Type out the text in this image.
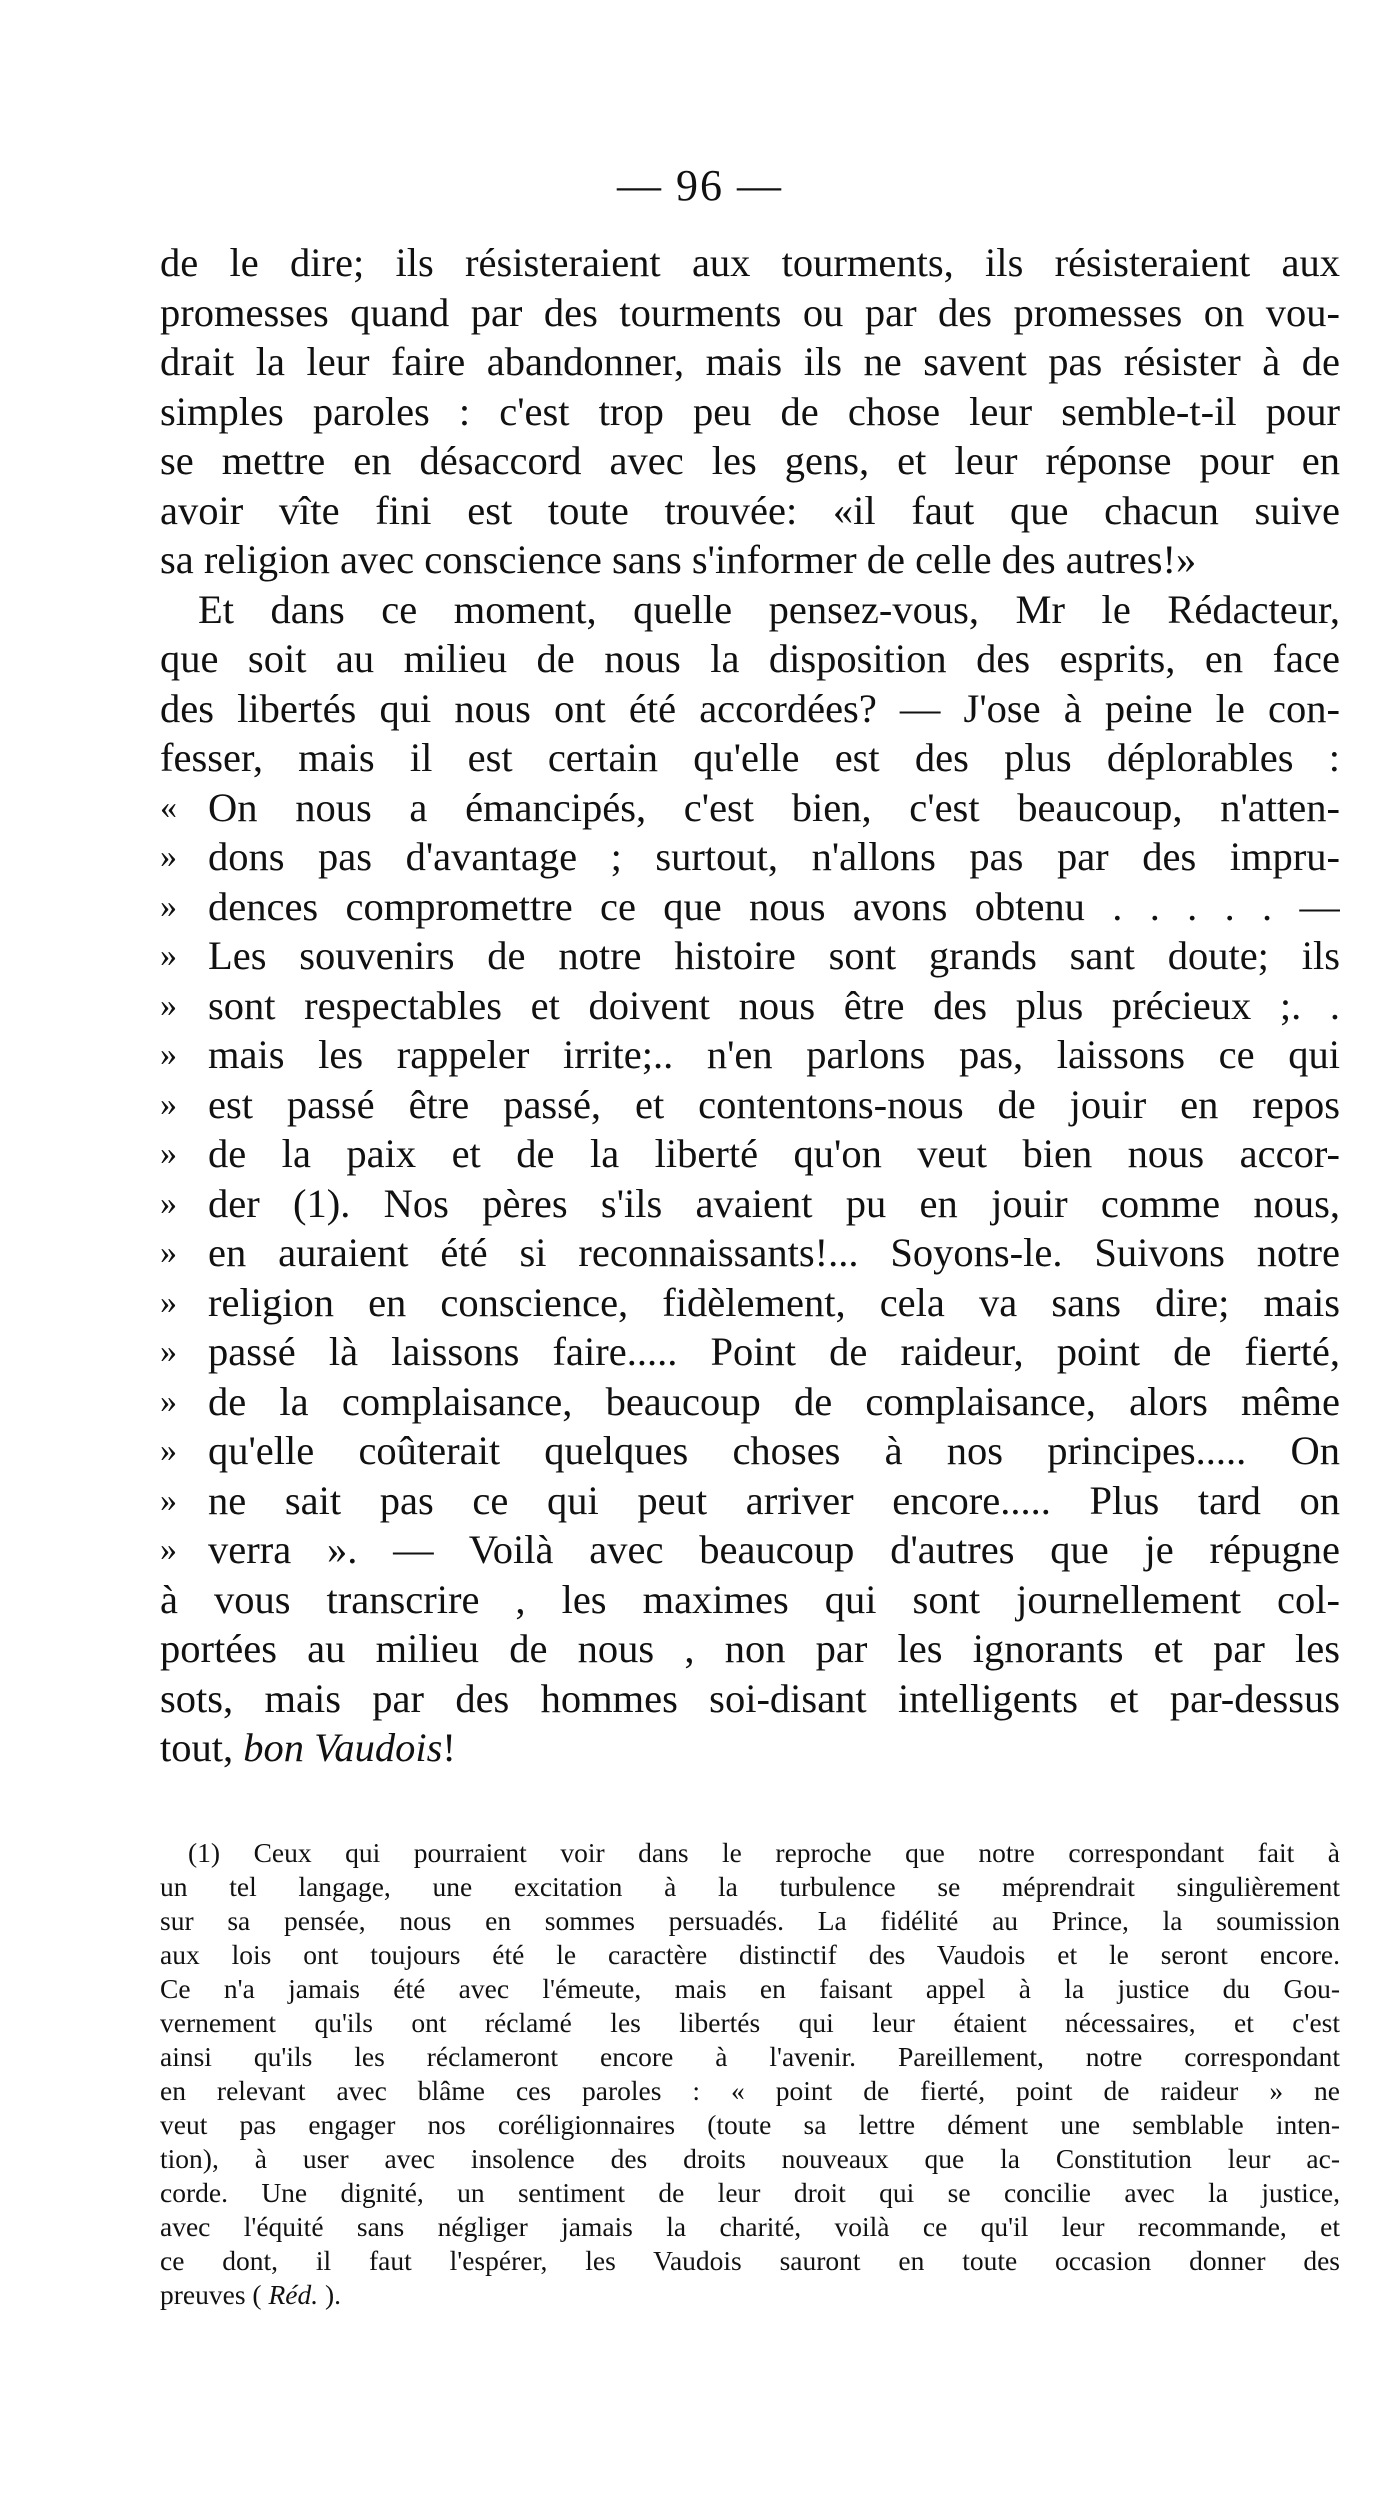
— 96 —
de le dire; ils résisteraient aux tourments, ils résisteraient aux
promesses quand par des tourments ou par des promesses on vou-
drait la leur faire abandonner, mais ils ne savent pas résister à de
simples paroles : c'est trop peu de chose leur semble-t-il pour
se mettre en désaccord avec les gens, et leur réponse pour en
avoir vîte fini est toute trouvée: «il faut que chacun suive
sa religion avec conscience sans s'informer de celle des autres!»
Et dans ce moment, quelle pensez-vous, Mr le Rédacteur,
que soit au milieu de nous la disposition des esprits, en face
des libertés qui nous ont été accordées? — J'ose à peine le con-
fesser, mais il est certain qu'elle est des plus déplorables :
« On nous a émancipés, c'est bien, c'est beaucoup, n'atten-
» dons pas d'avantage ; surtout, n'allons pas par des impru-
» dences compromettre ce que nous avons obtenu . . . . . —
» Les souvenirs de notre histoire sont grands sant doute; ils
» sont respectables et doivent nous être des plus précieux ;. .
» mais les rappeler irrite;.. n'en parlons pas, laissons ce qui
» est passé être passé, et contentons-nous de jouir en repos
» de la paix et de la liberté qu'on veut bien nous accor-
» der (1). Nos pères s'ils avaient pu en jouir comme nous,
» en auraient été si reconnaissants!... Soyons-le. Suivons notre
» religion en conscience, fidèlement, cela va sans dire; mais
» passé là laissons faire..... Point de raideur, point de fierté,
» de la complaisance, beaucoup de complaisance, alors même
» qu'elle coûterait quelques choses à nos principes..... On
» ne sait pas ce qui peut arriver encore..... Plus tard on
» verra ». — Voilà avec beaucoup d'autres que je répugne
à vous transcrire , les maximes qui sont journellement col-
portées au milieu de nous , non par les ignorants et par les
sots, mais par des hommes soi-disant intelligents et par-dessus
tout, bon Vaudois!
(1) Ceux qui pourraient voir dans le reproche que notre correspondant fait à
un tel langage, une excitation à la turbulence se méprendrait singulièrement
sur sa pensée, nous en sommes persuadés. La fidélité au Prince, la soumission
aux lois ont toujours été le caractère distinctif des Vaudois et le seront encore.
Ce n'a jamais été avec l'émeute, mais en faisant appel à la justice du Gou-
vernement qu'ils ont réclamé les libertés qui leur étaient nécessaires, et c'est
ainsi qu'ils les réclameront encore à l'avenir. Pareillement, notre correspondant
en relevant avec blâme ces paroles : « point de fierté, point de raideur » ne
veut pas engager nos coréligionnaires (toute sa lettre dément une semblable inten-
tion), à user avec insolence des droits nouveaux que la Constitution leur ac-
corde. Une dignité, un sentiment de leur droit qui se concilie avec la justice,
avec l'équité sans négliger jamais la charité, voilà ce qu'il leur recommande, et
ce dont, il faut l'espérer, les Vaudois sauront en toute occasion donner des
preuves ( Réd. ).
